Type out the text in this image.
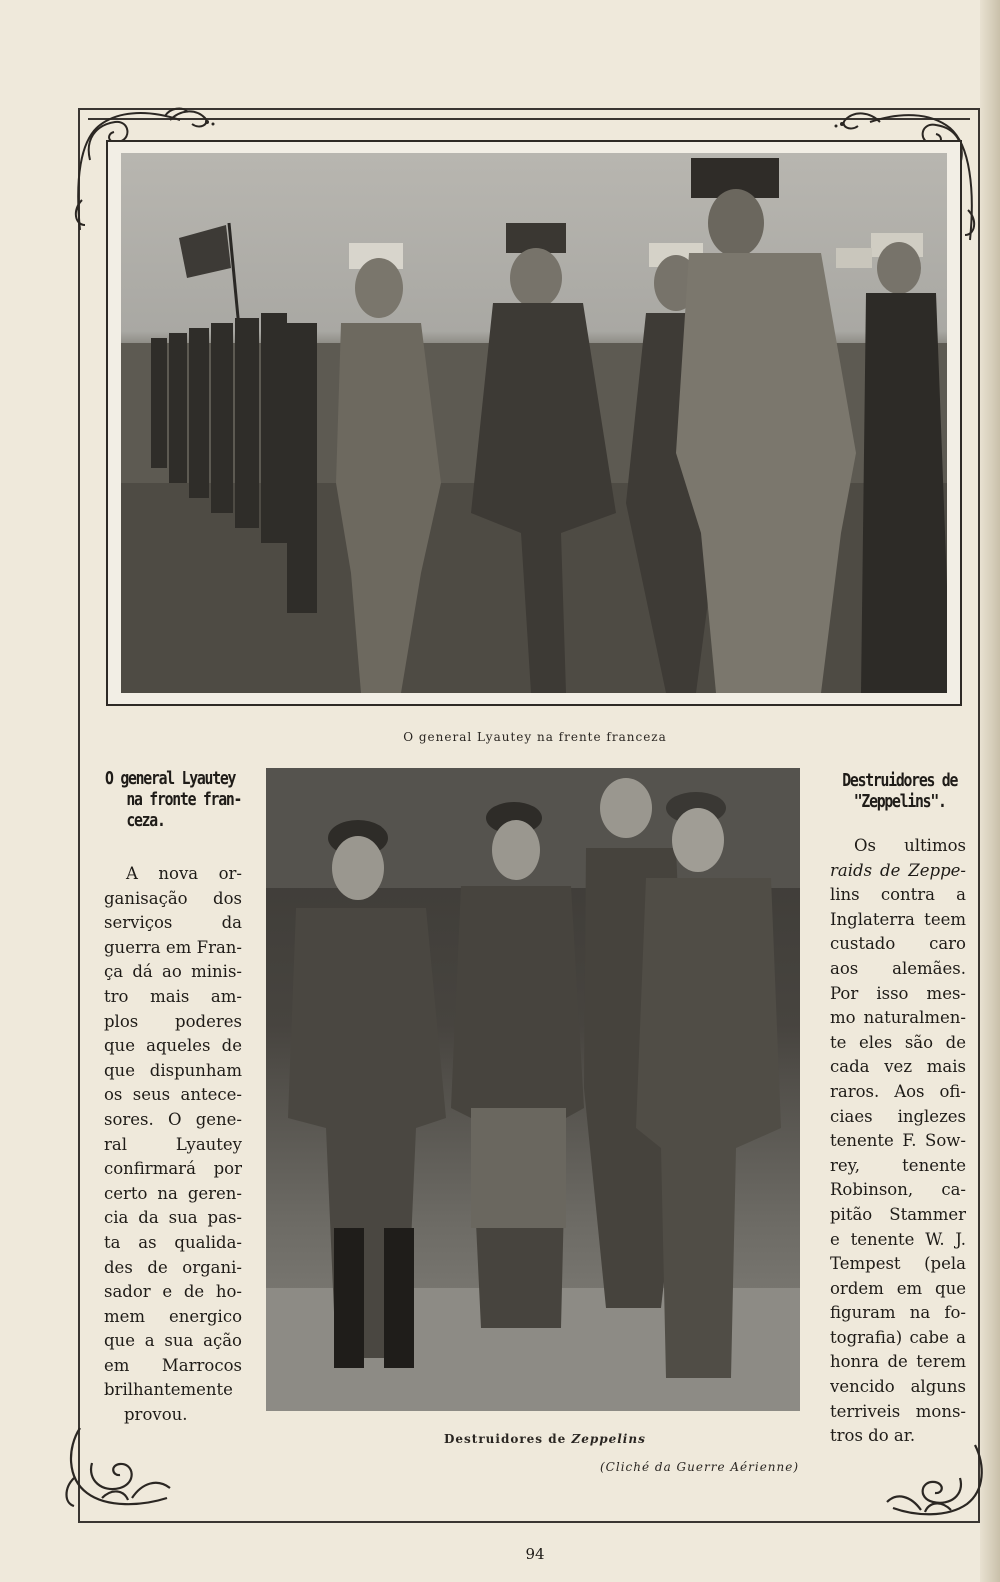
O general Lyautey na frente franceza
O general Lyautey
na fronte fran-
ceza.
A nova or-
ganisação dos
serviços da
guerra em Fran-
ça dá ao minis-
tro mais am-
plos poderes
que aqueles de
que dispunham
os seus antece-
sores. O gene-
ral Lyautey
confirmará por
certo na geren-
cia da sua pas-
ta as qualida-
des de organi-
sador e de ho-
mem energico
que a sua ação
em Marrocos
brilhantemente
provou.
Destruidores de Zeppelins
(Cliché da Guerre Aérienne)
Destruidores de
"Zeppelins".
Os ultimos
raids de Zeppe-
lins contra a
Inglaterra teem
custado caro
aos alemães.
Por isso mes-
mo naturalmen-
te eles são de
cada vez mais
raros. Aos ofi-
ciaes inglezes
tenente F. Sow-
rey, tenente
Robinson, ca-
pitão Stammer
e tenente W. J.
Tempest (pela
ordem em que
figuram na fo-
tografia) cabe a
honra de terem
vencido alguns
terriveis mons-
tros do ar.
94
